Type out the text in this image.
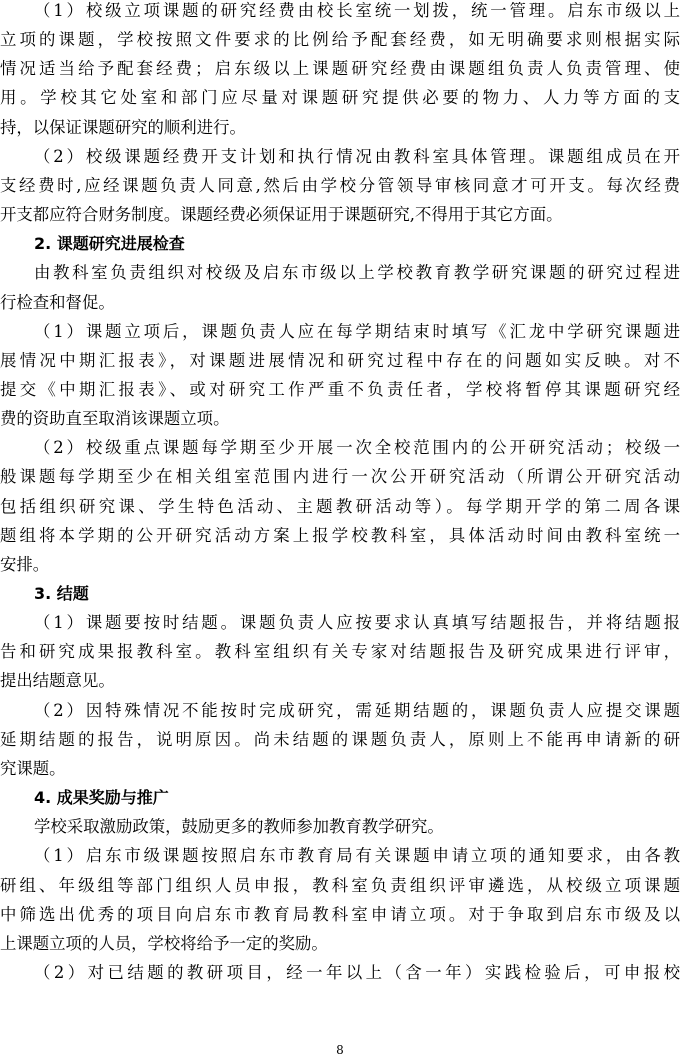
（1）校级立项课题的研究经费由校长室统一划拨，统一管理。启东市级以上
立项的课题，学校按照文件要求的比例给予配套经费，如无明确要求则根据实际
情况适当给予配套经费；启东级以上课题研究经费由课题组负责人负责管理、使
用。学校其它处室和部门应尽量对课题研究提供必要的物力、人力等方面的支
持，以保证课题研究的顺利进行。
（2）校级课题经费开支计划和执行情况由教科室具体管理。课题组成员在开
支经费时,应经课题负责人同意,然后由学校分管领导审核同意才可开支。每次经费
开支都应符合财务制度。课题经费必须保证用于课题研究,不得用于其它方面。
2. 课题研究进展检查
由教科室负责组织对校级及启东市级以上学校教育教学研究课题的研究过程进
行检查和督促。
（1）课题立项后，课题负责人应在每学期结束时填写《汇龙中学研究课题进
展情况中期汇报表》，对课题进展情况和研究过程中存在的问题如实反映。对不
提交《中期汇报表》、或对研究工作严重不负责任者，学校将暂停其课题研究经
费的资助直至取消该课题立项。
（2）校级重点课题每学期至少开展一次全校范围内的公开研究活动；校级一
般课题每学期至少在相关组室范围内进行一次公开研究活动（所谓公开研究活动
包括组织研究课、学生特色活动、主题教研活动等）。每学期开学的第二周各课
题组将本学期的公开研究活动方案上报学校教科室，具体活动时间由教科室统一
安排。
3. 结题
（1）课题要按时结题。课题负责人应按要求认真填写结题报告，并将结题报
告和研究成果报教科室。教科室组织有关专家对结题报告及研究成果进行评审，
提出结题意见。
（2）因特殊情况不能按时完成研究，需延期结题的，课题负责人应提交课题
延期结题的报告，说明原因。尚未结题的课题负责人，原则上不能再申请新的研
究课题。
4. 成果奖励与推广
学校采取激励政策，鼓励更多的教师参加教育教学研究。
（1）启东市级课题按照启东市教育局有关课题申请立项的通知要求，由各教
研组、年级组等部门组织人员申报，教科室负责组织评审遴选，从校级立项课题
中筛选出优秀的项目向启东市教育局教科室申请立项。对于争取到启东市级及以
上课题立项的人员，学校将给予一定的奖励。
（2）对已结题的教研项目，经一年以上（含一年）实践检验后，可申报校
8
